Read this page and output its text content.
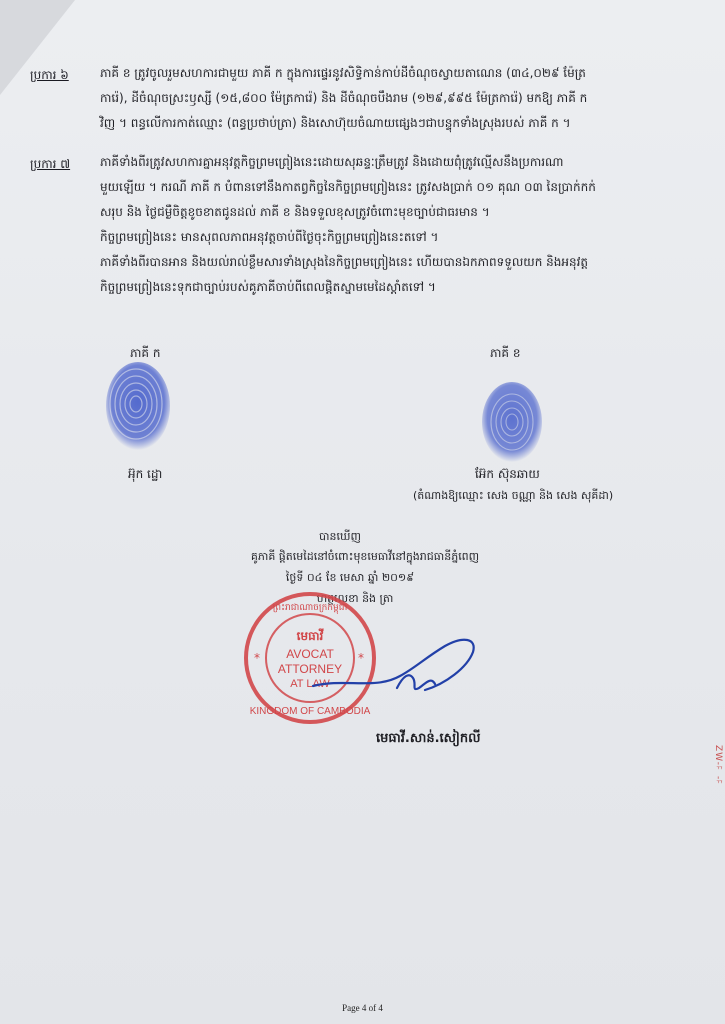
ប្រការ ៦	ភាគី ខ ត្រូវចូលរួមសហការជាមួយ ភាគី ក ក្នុងការផ្ទេរនូវសិទ្ធិកាន់កាប់ដីចំណុចស្វាយតាណេន (៣៤,០២៩ ម៉ែត្រ
ការ៉េ), ដីចំណុចស្រះឫស្សី (១៥,៨០០ ម៉ែត្រការ៉េ) និង ដីចំណុចបឹងរាម (១២៩,៩៩៥ ម៉ែត្រការ៉េ) មកឱ្យ ភាគី ក
វិញ ។ ពន្ធលើការកាត់ឈ្មោះ (ពន្ធប្រថាប់ត្រា) និងសោហ៊ុយចំណាយផ្សេងៗជាបន្ទុកទាំងស្រុងរបស់ ភាគី ក ។
ប្រការ ៧ ភាគីទាំងពីរត្រូវសហការគ្នាអនុវត្តកិច្ចព្រមព្រៀងនេះដោយសុឆន្ទៈត្រឹមត្រូវ និងដោយពុំត្រូវល្មើសនឹងប្រការណា
មួយឡើយ ។ ករណី ភាគី ក បំពានទៅនឹងកាតព្វកិច្ចនៃកិច្ចព្រមព្រៀងនេះ ត្រូវសងប្រាក់ ០១ គុណ ០៣ នៃប្រាក់កក់
សរុប និង ថ្លៃជម្ងឺចិត្តខូចខាតជូនដល់ ភាគី ខ និងទទួលខុសត្រូវចំពោះមុខច្បាប់ជាធរមាន ។
កិច្ចព្រមព្រៀងនេះ មានសុពលភាពអនុវត្តចាប់ពីថ្ងៃចុះកិច្ចព្រមព្រៀងនេះតទៅ ។
ភាគីទាំងពីរបានអាន និងយល់រាល់ខ្លឹមសារទាំងស្រុងនៃកិច្ចព្រមព្រៀងនេះ ហើយបានឯកភាពទទួលយក និងអនុវត្ត
កិច្ចព្រមព្រៀងនេះទុកជាច្បាប់របស់គូភាគីចាប់ពីពេលផ្តិតស្នាមមេដៃស្តាំតទៅ ។
ភាគី ក
អ៊ុក ដ្ឋោ
ភាគី ខ
អ៊ែក ស៊ុនឆាយ
(តំណាងឱ្យឈ្មោះ សេង ចណ្ណា និង សេង សុគីដា)
បានឃើញ
គូភាគី ផ្តិតមេដៃនៅចំពោះមុខមេធាវីនៅក្នុងរាជធានីភ្នំពេញ
ថ្ងៃទី ០៤ ខែ មេសា ឆ្នាំ ២០១៩
ហត្ថលេខា និង ត្រា
ព្រះរាជាណាចក្រកម្ពុជា
មេធាវី
AVOCAT
ATTORNEY
AT LAW
KINGDOM OF CAMBODIA
*	*
មេធាវី.សាន់.សៀកលី
ZW-ᄁ-ᄁ
Page 4 of 4
